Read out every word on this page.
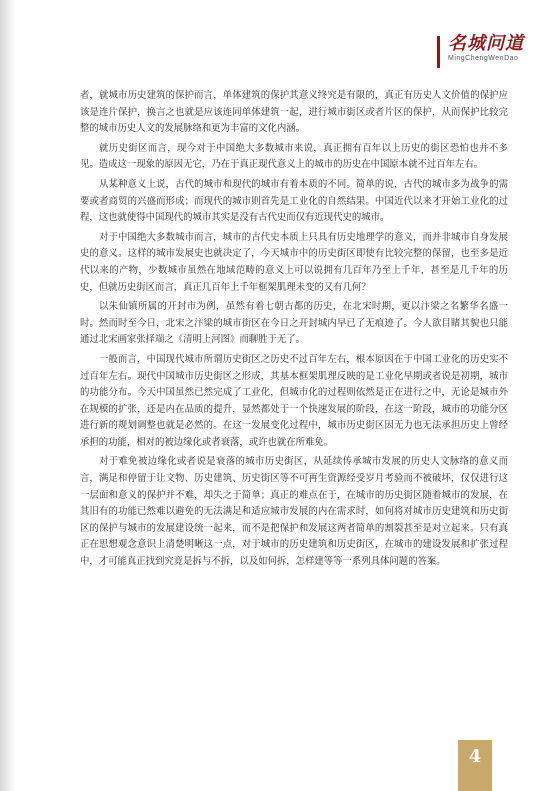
名城问道
MingChengWenDao

者，就城市历史建筑的保护而言，单体建筑的保护其意义终究是有限的，真正有历史人文价值的保护应该是连片保护，换言之也就是应该连同单体建筑一起，进行城市街区或者片区的保护，从而保护比较完整的城市历史人文的发展脉络和更为丰富的文化内涵。

就历史街区而言，现今对于中国绝大多数城市来说，真正拥有百年以上历史的街区恐怕也并不多见。造成这一现象的原因无它，乃在于真正现代意义上的城市的历史在中国原本就不过百年左右。

从某种意义上说，古代的城市和现代的城市有着本质的不同。简单的说，古代的城市多为战争的需要或者商贸的兴盛而形成；而现代的城市则首先是工业化的自然结果。中国近代以来才开始工业化的过程，这也就使得中国现代的城市其实是没有古代史而仅有近现代史的城市。

对于中国绝大多数城市而言，城市的古代史本质上只具有历史地理学的意义，而并非城市自身发展史的意义。这样的城市发展史也就决定了，今天城市中的历史街区即使有比较完整的保留，也至多是近代以来的产物，少数城市虽然在地域范畴的意义上可以说拥有几百年乃至上千年，甚至是几千年的历史，但就历史街区而言，真正几百年上千年框架肌理未变的又有几何？

以朱仙镇所属的开封市为例，虽然有着七朝古都的历史，在北宋时期，更以汴梁之名繁华名盛一时。然而时至今日，北宋之汴梁的城市街区在今日之开封城内早已了无痕迹了。今人欲目睹其貌也只能通过北宋画家张择端之《清明上河图》而聊胜于无了。

一般而言，中国现代城市所谓历史街区之历史不过百年左右，根本原因在于中国工业化的历史实不过百年左右。现代中国城市历史街区之形成，其基本框架肌理反映的是工业化早期或者说是初期，城市的功能分布。今天中国虽然已然完成了工业化，但城市化的过程则依然是正在进行之中，无论是城市外在规模的扩张，还是内在品质的提升，显然都处于一个快速发展的阶段，在这一阶段，城市的功能分区进行新的规划调整也就是必然的。在这一发展变化过程中，城市历史街区因无力也无法承担历史上曾经承担的功能，相对的被边缘化或者衰落，或许也就在所难免。

对于难免被边缘化或者说是衰落的城市历史街区，从延续传承城市发展的历史人文脉络的意义而言，满足和停留于让文物、历史建筑、历史街区等不可再生资源经受岁月考验而不被破坏，仅仅进行这一层面和意义的保护并不难，却失之于简单；真正的难点在于，在城市的历史街区随着城市的发展，在其旧有的功能已然难以避免的无法满足和适应城市发展的内在需求时，如何将对城市历史建筑和历史街区的保护与城市的发展建设统一起来，而不是把保护和发展这两者简单的割裂甚至是对立起来。只有真正在思想观念意识上清楚明晰这一点，对于城市的历史建筑和历史街区，在城市的建设发展和扩张过程中，才可能真正找到究竟是拆与不拆，以及如何拆，怎样建等等一系列具体问题的答案。

4
